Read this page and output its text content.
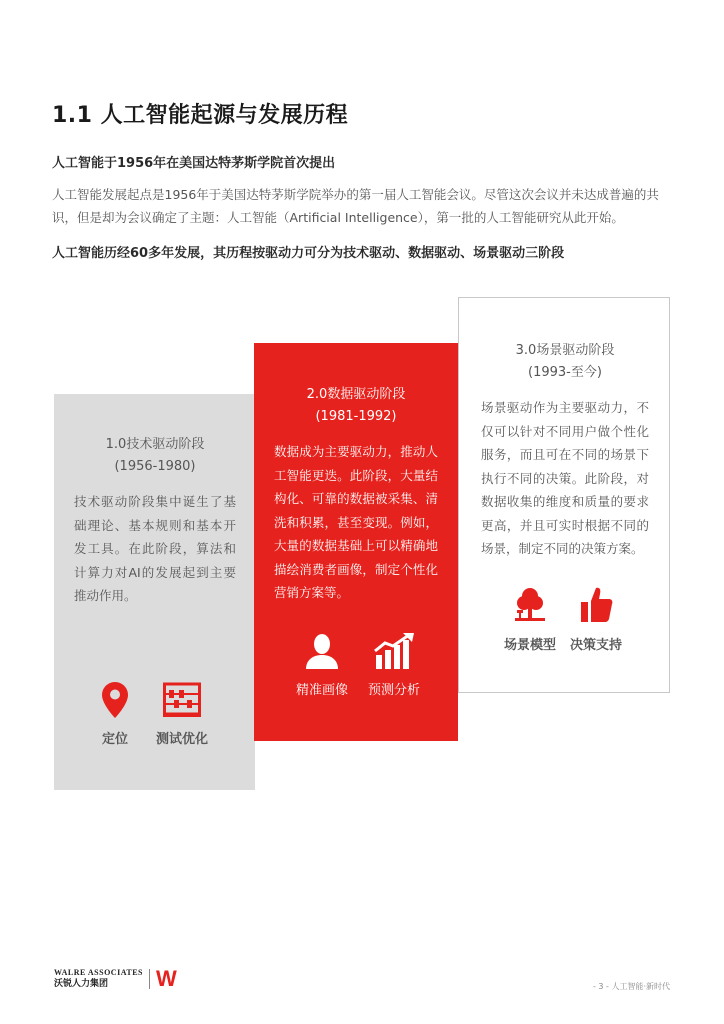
1.1 人工智能起源与发展历程

人工智能于1956年在美国达特茅斯学院首次提出

人工智能发展起点是1956年于美国达特茅斯学院举办的第一届人工智能会议。尽管这次会议并未达成普遍的共识，但是却为会议确定了主题：人工智能（Artificial Intelligence），第一批的人工智能研究从此开始。

人工智能历经60多年发展，其历程按驱动力可分为技术驱动、数据驱动、场景驱动三阶段

1.0技术驱动阶段

(1956-1980)

技术驱动阶段集中诞生了基础理论、基本规则和基本开发工具。在此阶段，算法和计算力对AI的发展起到主要推动作用。

定位 测试优化

2.0数据驱动阶段

(1981-1992)

数据成为主要驱动力，推动人工智能更迭。此阶段，大量结构化、可靠的数据被采集、清洗和积累，甚至变现。例如，大量的数据基础上可以精确地描绘消费者画像，制定个性化营销方案等。

精准画像 预测分析

3.0场景驱动阶段

(1993-至今)

场景驱动作为主要驱动力，不仅可以针对不同用户做个性化服务，而且可在不同的场景下执行不同的决策。此阶段，对数据收集的维度和质量的要求更高，并且可实时根据不同的场景，制定不同的决策方案。

场景模型 决策支持
WALRE ASSOCIATES
沃锐人力集团	W	- 3 - 人工智能·新时代
